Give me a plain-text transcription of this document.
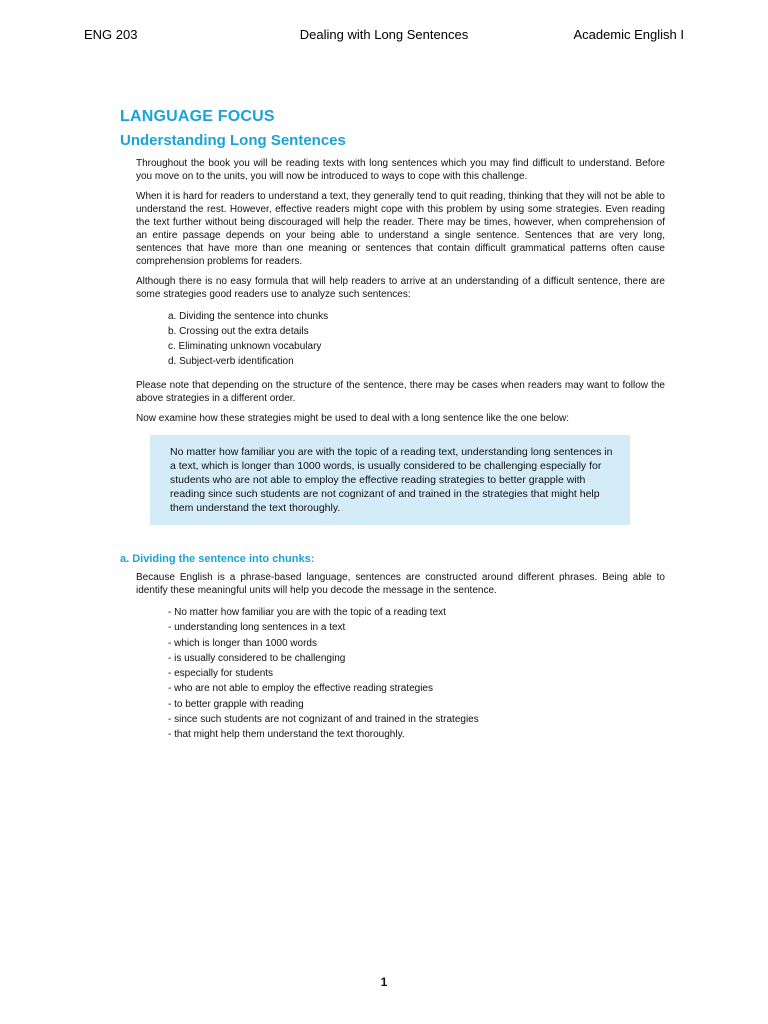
ENG 203	Dealing with Long Sentences	Academic English I
LANGUAGE FOCUS
Understanding Long Sentences

Throughout the book you will be reading texts with long sentences which you may find difficult to understand. Before you move on to the units, you will now be introduced to ways to cope with this challenge.

When it is hard for readers to understand a text, they generally tend to quit reading, thinking that they will not be able to understand the rest. However, effective readers might cope with this problem by using some strategies. Even reading the text further without being discouraged will help the reader. There may be times, however, when comprehension of an entire passage depends on your being able to understand a single sentence. Sentences that are very long, sentences that have more than one meaning or sentences that contain difficult grammatical patterns often cause comprehension problems for readers.

Although there is no easy formula that will help readers to arrive at an understanding of a difficult sentence, there are some strategies good readers use to analyze such sentences:

a. Dividing the sentence into chunks
b. Crossing out the extra details
c. Eliminating unknown vocabulary
d. Subject-verb identification

Please note that depending on the structure of the sentence, there may be cases when readers may want to follow the above strategies in a different order.

Now examine how these strategies might be used to deal with a long sentence like the one below:

No matter how familiar you are with the topic of a reading text, understanding long sentences in a text, which is longer than 1000 words, is usually considered to be challenging especially for students who are not able to employ the effective reading strategies to better grapple with reading since such students are not cognizant of and trained in the strategies that might help them understand the text thoroughly.
a. Dividing the sentence into chunks:

Because English is a phrase-based language, sentences are constructed around different phrases. Being able to identify these meaningful units will help you decode the message in the sentence.

- No matter how familiar you are with the topic of a reading text
- understanding long sentences in a text
- which is longer than 1000 words
- is usually considered to be challenging
- especially for students
- who are not able to employ the effective reading strategies
- to better grapple with reading
- since such students are not cognizant of and trained in the strategies
- that might help them understand the text thoroughly.
1
